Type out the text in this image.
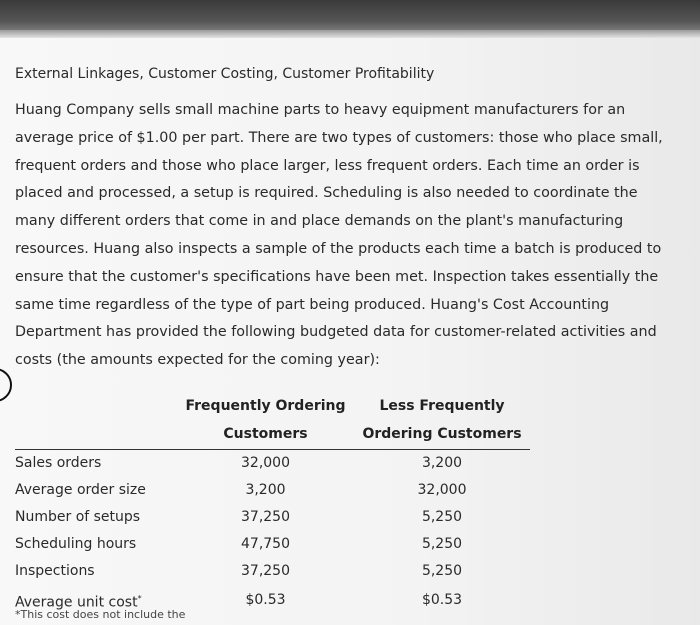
External Linkages, Customer Costing, Customer Profitability

Huang Company sells small machine parts to heavy equipment manufacturers for an average price of $1.00 per part. There are two types of customers: those who place small, frequent orders and those who place larger, less frequent orders. Each time an order is placed and processed, a setup is required. Scheduling is also needed to coordinate the many different orders that come in and place demands on the plant's manufacturing resources. Huang also inspects a sample of the products each time a batch is produced to ensure that the customer's specifications have been met. Inspection takes essentially the same time regardless of the type of part being produced. Huang's Cost Accounting Department has provided the following budgeted data for customer-related activities and costs (the amounts expected for the coming year):

	Frequently Ordering	Less Frequently
	Customers	Ordering Customers
Sales orders	32,000	3,200
Average order size	3,200	32,000
Number of setups	37,250	5,250
Scheduling hours	47,750	5,250
Inspections	37,250	5,250
Average unit cost*	$0.53	$0.53
*This cost does not include the
